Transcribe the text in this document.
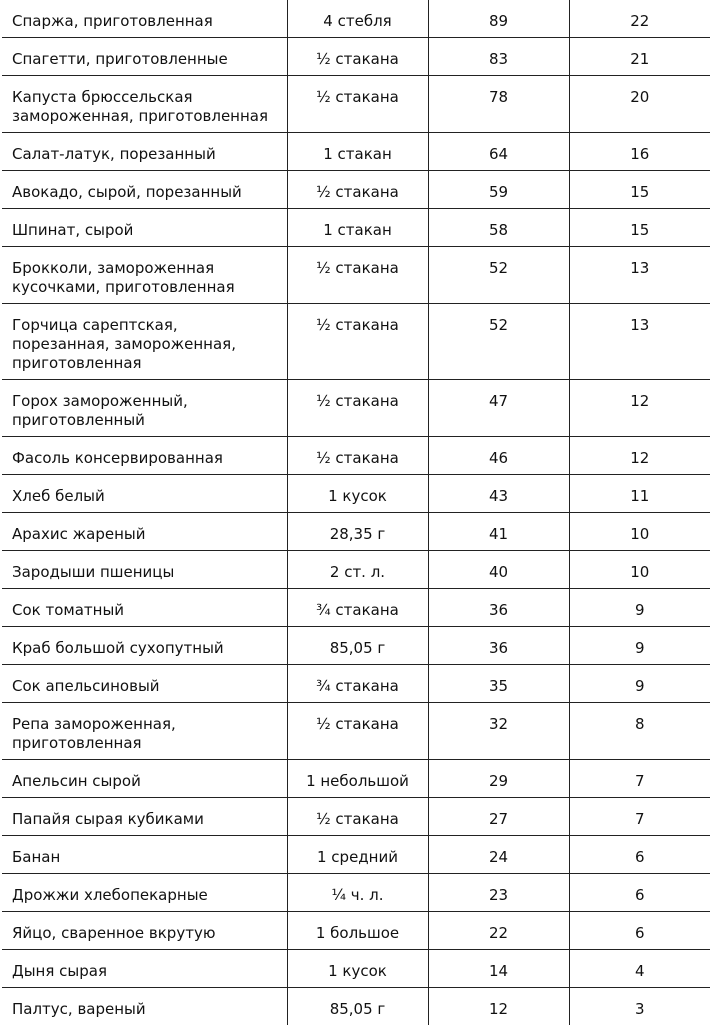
Спаржа, приготовленная	4 стебля	89	22
Спагетти, приготовленные	½ стакана	83	21
Капуста брюссельская замороженная, приготовленная	½ стакана	78	20
Салат-латук, порезанный	1 стакан	64	16
Авокадо, сырой, порезанный	½ стакана	59	15
Шпинат, сырой	1 стакан	58	15
Брокколи, замороженная кусочками, приготовленная	½ стакана	52	13
Горчица сарептская, порезанная, замороженная, приготовленная	½ стакана	52	13
Горох замороженный, приготовленный	½ стакана	47	12
Фасоль консервированная	½ стакана	46	12
Хлеб белый	1 кусок	43	11
Арахис жареный	28,35 г	41	10
Зародыши пшеницы	2 ст. л.	40	10
Сок томатный	¾ стакана	36	9
Краб большой сухопутный	85,05 г	36	9
Сок апельсиновый	¾ стакана	35	9
Репа замороженная, приготовленная	½ стакана	32	8
Апельсин сырой	1 небольшой	29	7
Папайя сырая кубиками	½ стакана	27	7
Банан	1 средний	24	6
Дрожжи хлебопекарные	¼ ч. л.	23	6
Яйцо, сваренное вкрутую	1 большое	22	6
Дыня сырая	1 кусок	14	4
Палтус, вареный	85,05 г	12	3
